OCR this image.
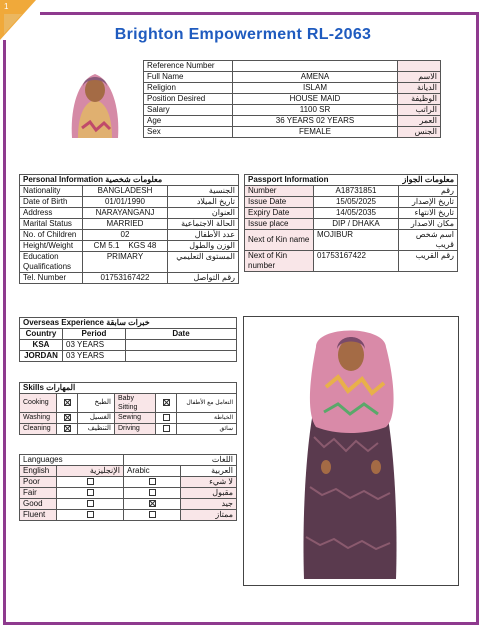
1
Brighton Empowerment RL-2063
Reference Number		
Full Name	AMENA	الاسم
Religion	ISLAM	الديانة
Position Desired	HOUSE MAID	الوظيفة
Salary	1100 SR	الراتب
Age	36 YEARS 02 YEARS	العمر
Sex	FEMALE	الجنس
Personal Information معلومات شخصية		
Nationality	BANGLADESH	الجنسية
Date of Birth	01/01/1990	تاريخ الميلاد
Address	NARAYANGANJ	العنوان
Marital Status	MARRIED	الحالة الاجتماعية
No. of Children	02	عدد الأطفال
Height/Weight	CM 5.1    KGS 48	الوزن والطول
Education Qualifications	PRIMARY	المستوى التعليمي
Tel. Number	01753167422	رقم التواصل
Passport Information معلومات الجواز		

Number	A18731851	رقم
Issue Date	15/05/2025	تاريخ الإصدار
Expiry Date	14/05/2035	تاريخ الانتهاء
Issue place	DIP / DHAKA	مكان الاصدار
Next of Kin name	MOJIBUR	اسم شخص قريب
Next of Kin number	01753167422	رقم القريب
Overseas Experience خبرات سابقة		
Country	Period	Date
KSA	03 YEARS	
JORDAN	03 YEARS	
Skills المهارات					
Cooking		الطبخ	Baby Sitting		التعامل مع الأطفال
Washing		الغسيل	Sewing		الخياطة
Cleaning		التنظيف	Driving		سائق
Languages		اللغات	
English	الإنجليزية	Arabic	العربية
Poor			لا شيء
Fair			مقبول
Good			جيد
Fluent			ممتاز
